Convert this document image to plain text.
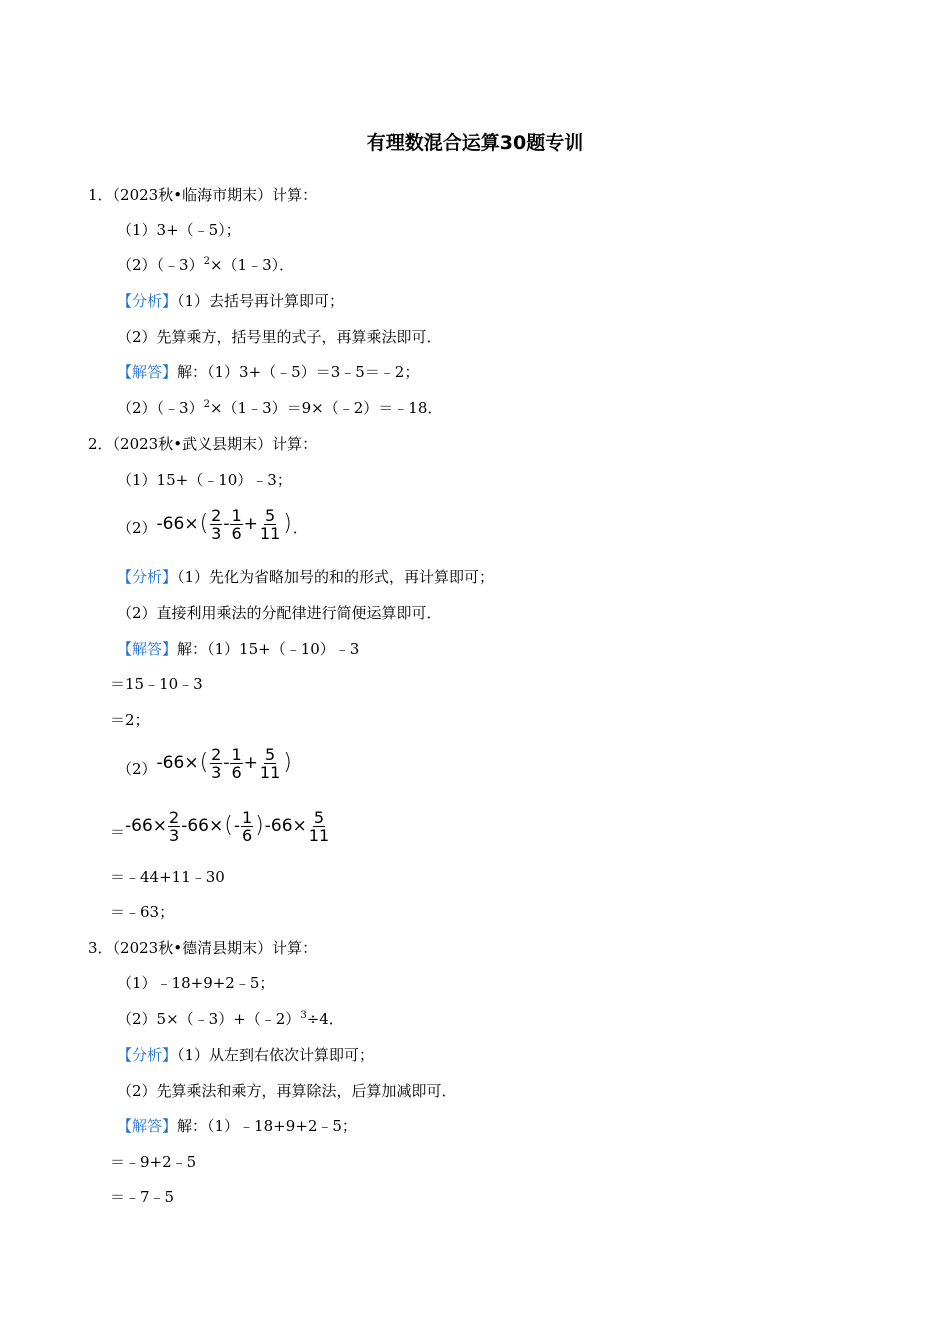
有理数混合运算30题专训
1．（2023秋•临海市期末）计算：
（1）3+（﹣5）；
（2）（﹣3）$^2$×（1﹣3）．
【分析】（1）去括号再计算即可；
（2）先算乘方，括号里的式子，再算乘法即可．
【解答】解：（1）3+（﹣5）＝3﹣5＝﹣2；
（2）（﹣3）$^2$×（1﹣3）＝9×（﹣2）＝﹣18．
2．（2023秋•武义县期末）计算：
（1）15+（﹣10）﹣3；
（2） -66× ( $\frac{2}{3} - \frac{1}{6} + \frac{5}{11}$ ) ．
【分析】（1）先化为省略加号的和的形式，再计算即可；
（2）直接利用乘法的分配律进行简便运算即可．
【解答】解：（1）15+（﹣10）﹣3
＝15﹣10﹣3
＝2；
（2） -66× ( $\frac{2}{3} - \frac{1}{6} + \frac{5}{11}$ )
＝ $-66\times \frac{2}{3} -66\times$ ( - $\frac{1}{6}$ ) $-66\times \frac{5}{11}$
＝﹣44+11﹣30
＝﹣63；
3．（2023秋•德清县期末）计算：
（1）﹣18+9+2﹣5；
（2）5×（﹣3）+（﹣2）$^3$÷4．
【分析】（1）从左到右依次计算即可；
（2）先算乘法和乘方，再算除法，后算加减即可．
【解答】解：（1）﹣18+9+2﹣5；
＝﹣9+2﹣5
＝﹣7﹣5
